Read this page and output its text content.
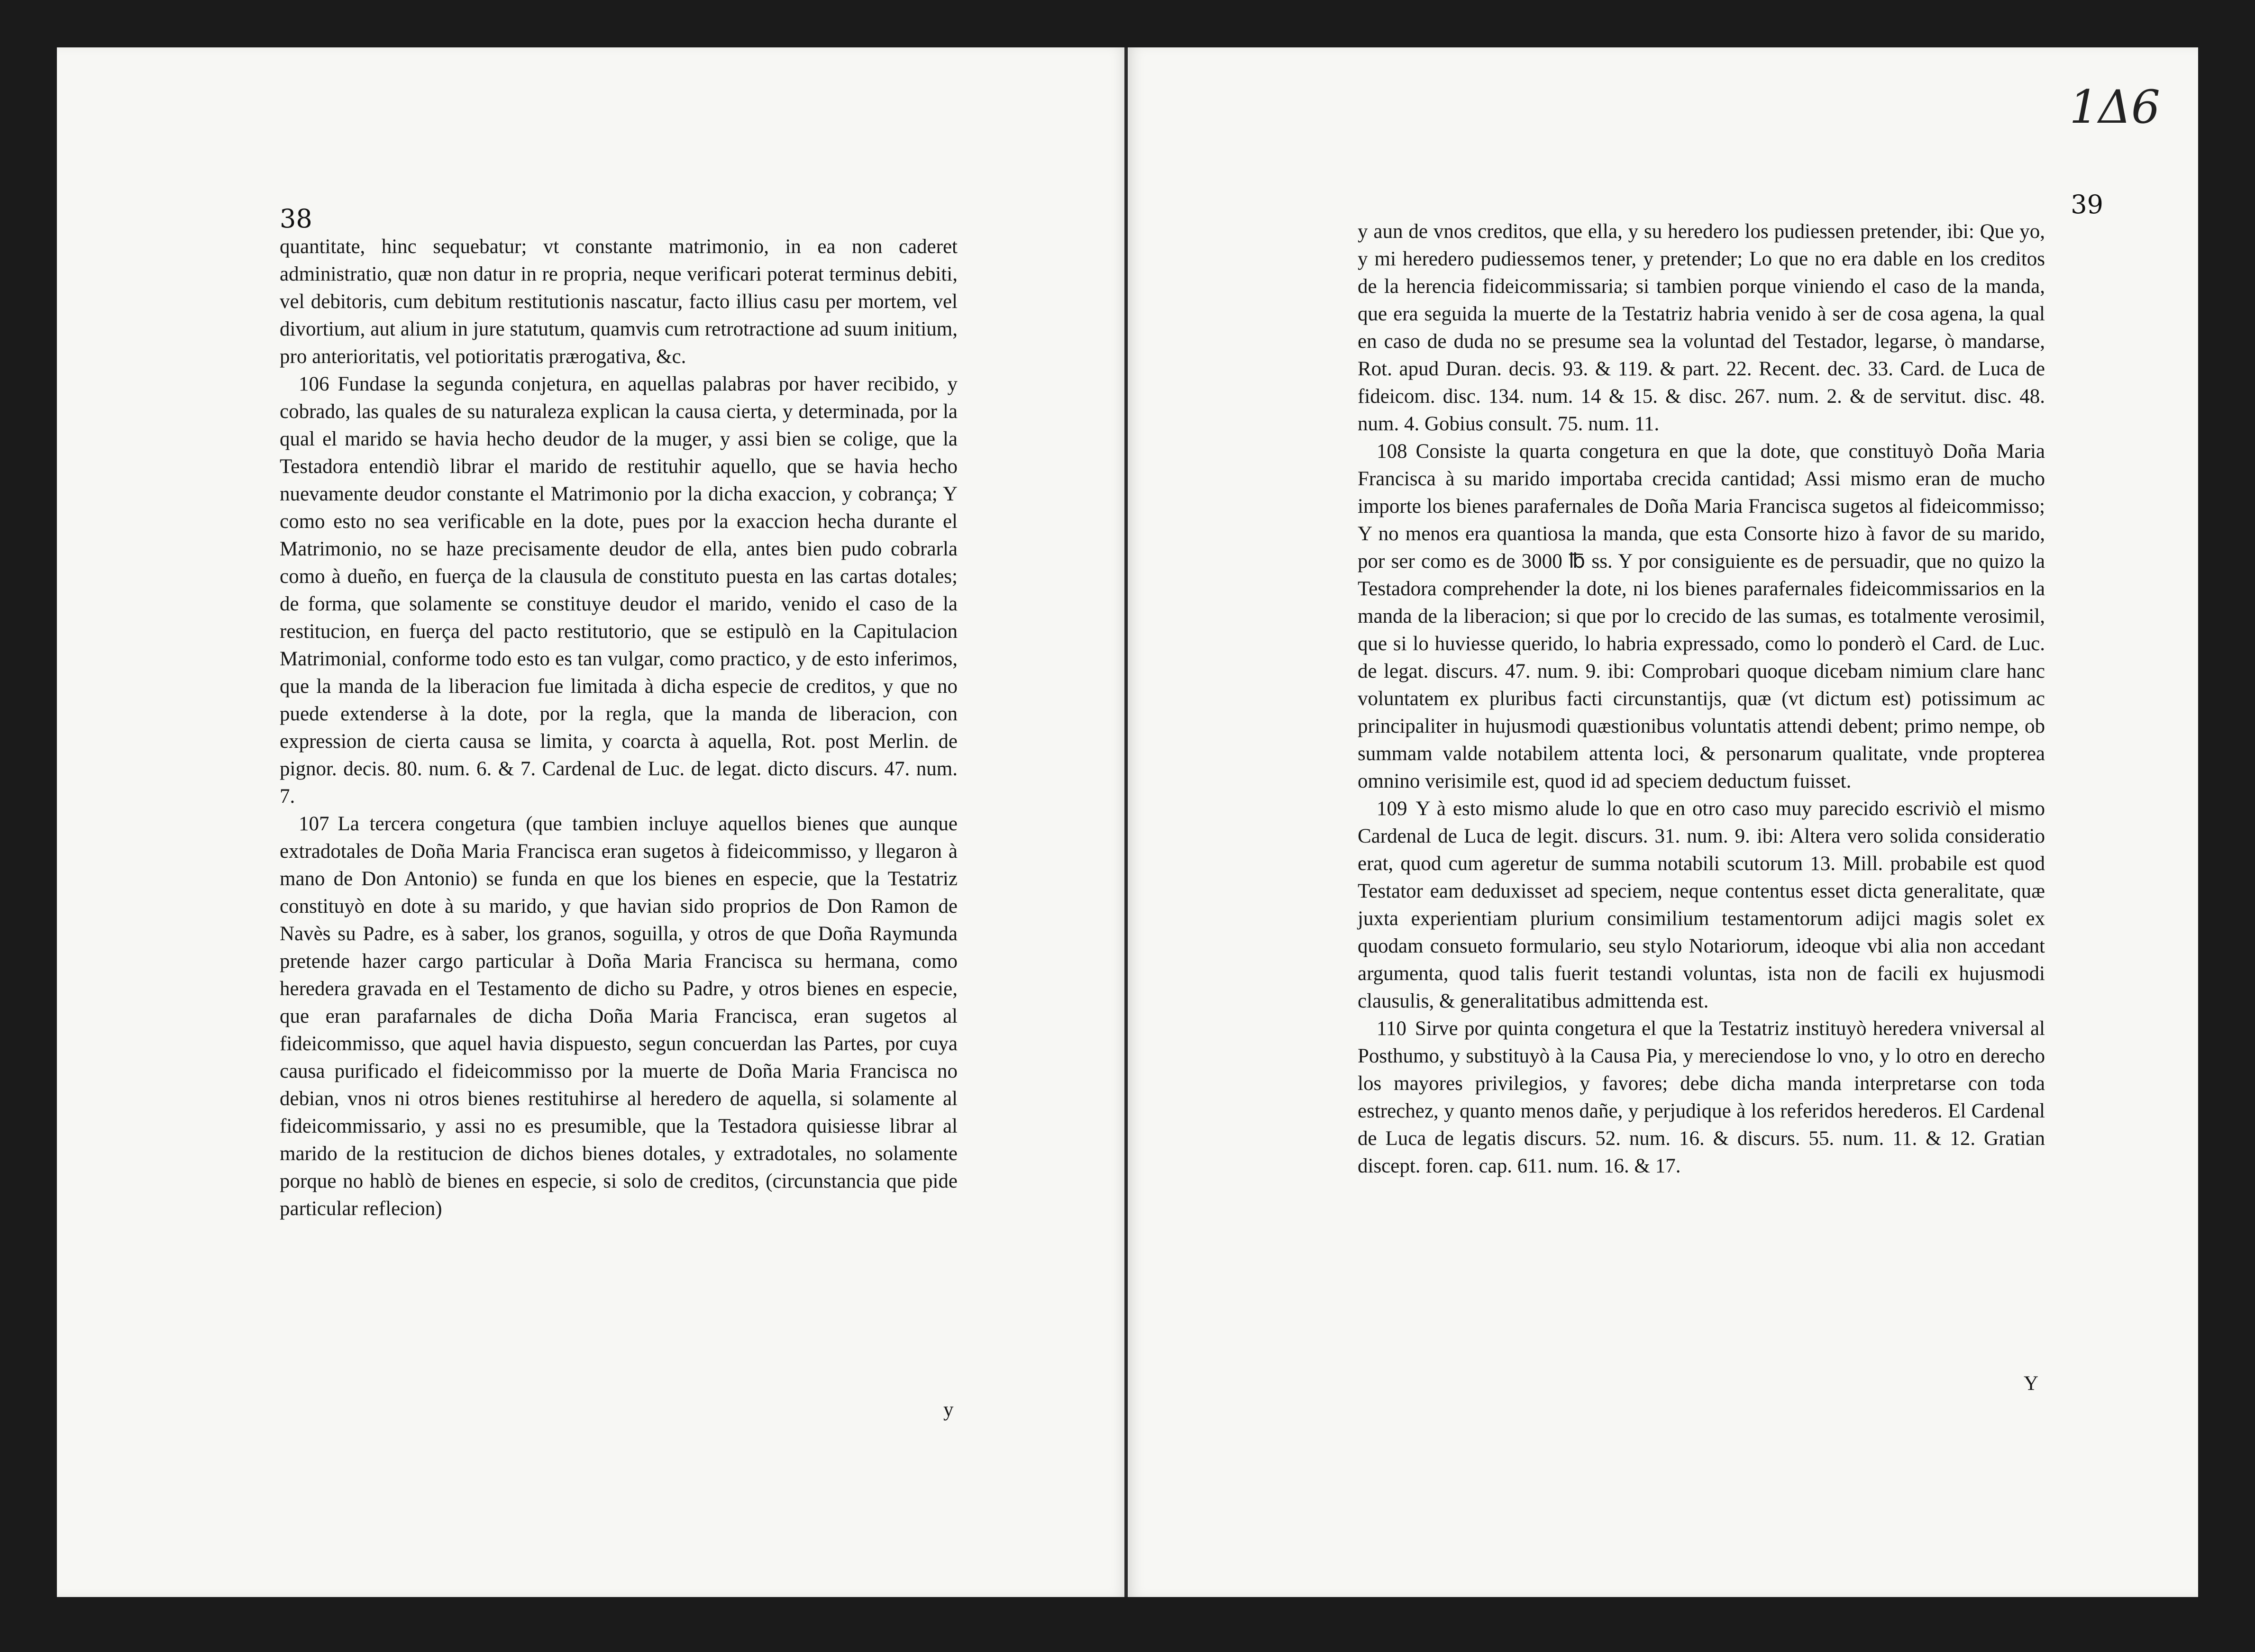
38

quantitate, hinc sequebatur; vt constante matrimonio, in ea non caderet administratio, quæ non datur in re propria, neque verificari poterat terminus debiti, vel debitoris, cum debitum restitutionis nascatur, facto illius casu per mortem, vel divortium, aut alium in jure statutum, quamvis cum retrotractione ad suum initium, pro anterioritatis, vel potioritatis prærogativa, &c.

106 Fundase la segunda conjetura, en aquellas palabras por haver recibido, y cobrado, las quales de su naturaleza explican la causa cierta, y determinada, por la qual el marido se havia hecho deudor de la muger, y assi bien se colige, que la Testadora entendiò librar el marido de restituhir aquello, que se havia hecho nuevamente deudor constante el Matrimonio por la dicha exaccion, y cobrança; Y como esto no sea verificable en la dote, pues por la exaccion hecha durante el Matrimonio, no se haze precisamente deudor de ella, antes bien pudo cobrarla como à dueño, en fuerça de la clausula de constituto puesta en las cartas dotales; de forma, que solamente se constituye deudor el marido, venido el caso de la restitucion, en fuerça del pacto restitutorio, que se estipulò en la Capitulacion Matrimonial, conforme todo esto es tan vulgar, como practico, y de esto inferimos, que la manda de la liberacion fue limitada à dicha especie de creditos, y que no puede extenderse à la dote, por la regla, que la manda de liberacion, con expression de cierta causa se limita, y coarcta à aquella, Rot. post Merlin. de pignor. decis. 80. num. 6. & 7. Cardenal de Luc. de legat. dicto discurs. 47. num. 7.

107 La tercera congetura (que tambien incluye aquellos bienes que aunque extradotales de Doña Maria Francisca eran sugetos à fideicommisso, y llegaron à mano de Don Antonio) se funda en que los bienes en especie, que la Testatriz constituyò en dote à su marido, y que havian sido proprios de Don Ramon de Navès su Padre, es à saber, los granos, soguilla, y otros de que Doña Raymunda pretende hazer cargo particular à Doña Maria Francisca su hermana, como heredera gravada en el Testamento de dicho su Padre, y otros bienes en especie, que eran parafarnales de dicha Doña Maria Francisca, eran sugetos al fideicommisso, que aquel havia dispuesto, segun concuerdan las Partes, por cuya causa purificado el fideicommisso por la muerte de Doña Maria Francisca no debian, vnos ni otros bienes restituhirse al heredero de aquella, si solamente al fideicommissario, y assi no es presumible, que la Testadora quisiesse librar al marido de la restitucion de dichos bienes dotales, y extradotales, no solamente porque no hablò de bienes en especie, si solo de creditos, (circunstancia que pide particular reflecion)

y
1Δ6
39

y aun de vnos creditos, que ella, y su heredero los pudiessen pretender, ibi: Que yo, y mi heredero pudiessemos tener, y pretender; Lo que no era dable en los creditos de la herencia fideicommissaria; si tambien porque viniendo el caso de la manda, que era seguida la muerte de la Testatriz habria venido à ser de cosa agena, la qual en caso de duda no se presume sea la voluntad del Testador, legarse, ò mandarse, Rot. apud Duran. decis. 93. & 119. & part. 22. Recent. dec. 33. Card. de Luca de fideicom. disc. 134. num. 14 & 15. & disc. 267. num. 2. & de servitut. disc. 48. num. 4. Gobius consult. 75. num. 11.

108 Consiste la quarta congetura en que la dote, que constituyò Doña Maria Francisca à su marido importaba crecida cantidad; Assi mismo eran de mucho importe los bienes parafernales de Doña Maria Francisca sugetos al fideicommisso; Y no menos era quantiosa la manda, que esta Consorte hizo à favor de su marido, por ser como es de 3000 ℔ ss. Y por consiguiente es de persuadir, que no quizo la Testadora comprehender la dote, ni los bienes parafernales fideicommissarios en la manda de la liberacion; si que por lo crecido de las sumas, es totalmente verosimil, que si lo huviesse querido, lo habria expressado, como lo ponderò el Card. de Luc. de legat. discurs. 47. num. 9. ibi: Comprobari quoque dicebam nimium clare hanc voluntatem ex pluribus facti circunstantijs, quæ (vt dictum est) potissimum ac principaliter in hujusmodi quæstionibus voluntatis attendi debent; primo nempe, ob summam valde notabilem attenta loci, & personarum qualitate, vnde propterea omnino verisimile est, quod id ad speciem deductum fuisset.

109 Y à esto mismo alude lo que en otro caso muy parecido escriviò el mismo Cardenal de Luca de legit. discurs. 31. num. 9. ibi: Altera vero solida consideratio erat, quod cum ageretur de summa notabili scutorum 13. Mill. probabile est quod Testator eam deduxisset ad speciem, neque contentus esset dicta generalitate, quæ juxta experientiam plurium consimilium testamentorum adijci magis solet ex quodam consueto formulario, seu stylo Notariorum, ideoque vbi alia non accedant argumenta, quod talis fuerit testandi voluntas, ista non de facili ex hujusmodi clausulis, & generalitatibus admittenda est.

110 Sirve por quinta congetura el que la Testatriz instituyò heredera vniversal al Posthumo, y substituyò à la Causa Pia, y mereciendose lo vno, y lo otro en derecho los mayores privilegios, y favores; debe dicha manda interpretarse con toda estrechez, y quanto menos dañe, y perjudique à los referidos herederos. El Cardenal de Luca de legatis discurs. 52. num. 16. & discurs. 55. num. 11. & 12. Gratian discept. foren. cap. 611. num. 16. & 17.

Y
